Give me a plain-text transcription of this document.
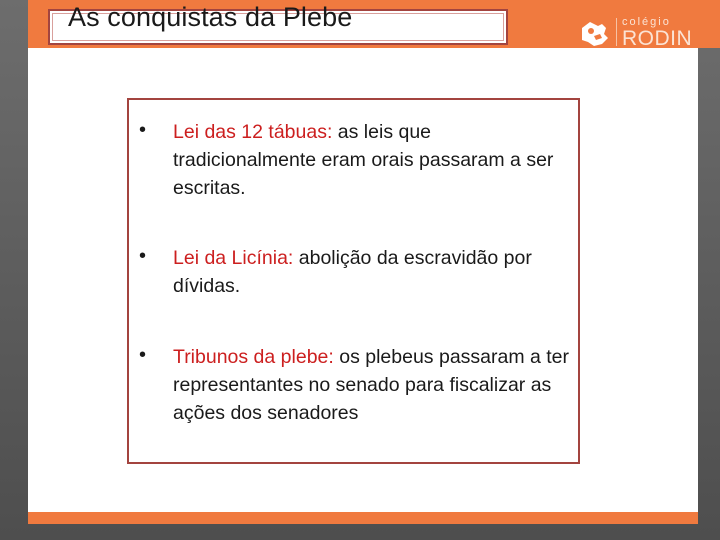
As conquistas da Plebe	colégio
RODIN
• Lei das 12 tábuas: as leis que tradicionalmente eram orais passaram a ser escritas.
• Lei da Licínia: abolição da escravidão por dívidas.
• Tribunos da plebe: os plebeus passaram a ter representantes no senado para fiscalizar as ações dos senadores
